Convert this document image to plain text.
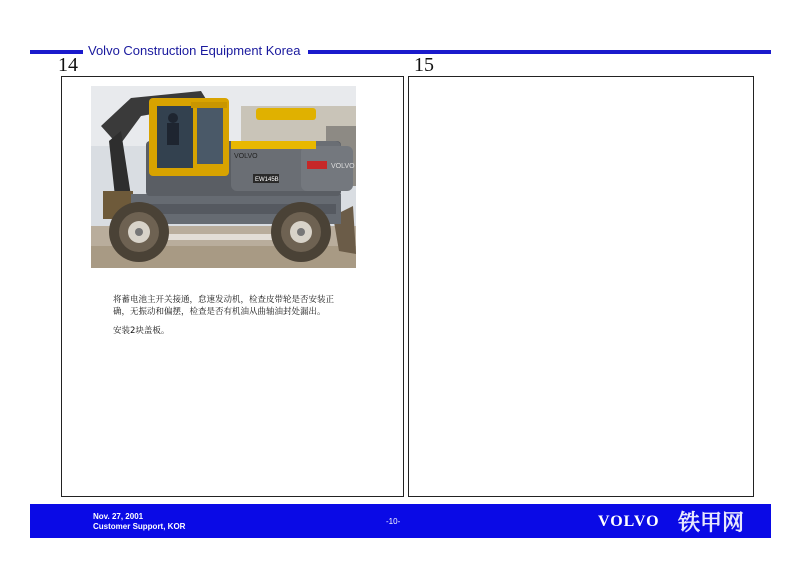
Volvo Construction Equipment Korea
14	15
VOLVO
VOLVO
EW145B

将蓄电池主开关接通，怠速发动机，检查皮带轮是否安装正确，无振动和偏摆，检查是否有机油从曲轴油封处漏出。

安装2块盖板。

Nov. 27, 2001
Customer Support, KOR
-10-	VOLVO 铁甲网
